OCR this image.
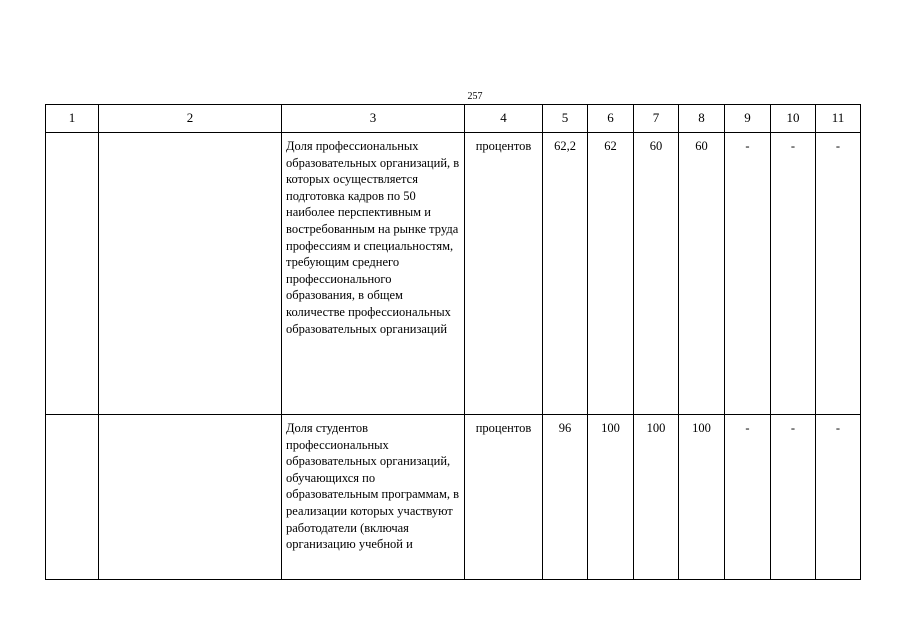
257
1	2	3	4	5	6	7	8	9	10	11
		Доля профессиональных образовательных организаций, в которых осуществляется подготовка кадров по 50 наиболее перспективным и востребованным на рынке труда профессиям и специальностям, требующим среднего профессионального образования, в общем количестве профессиональных образовательных организаций	процентов	62,2	62	60	60	-	-	-
		Доля студентов профессиональных образовательных организаций, обучающихся по образовательным программам, в реализации которых участвуют работодатели (включая организацию учебной и	процентов	96	100	100	100	-	-	-
